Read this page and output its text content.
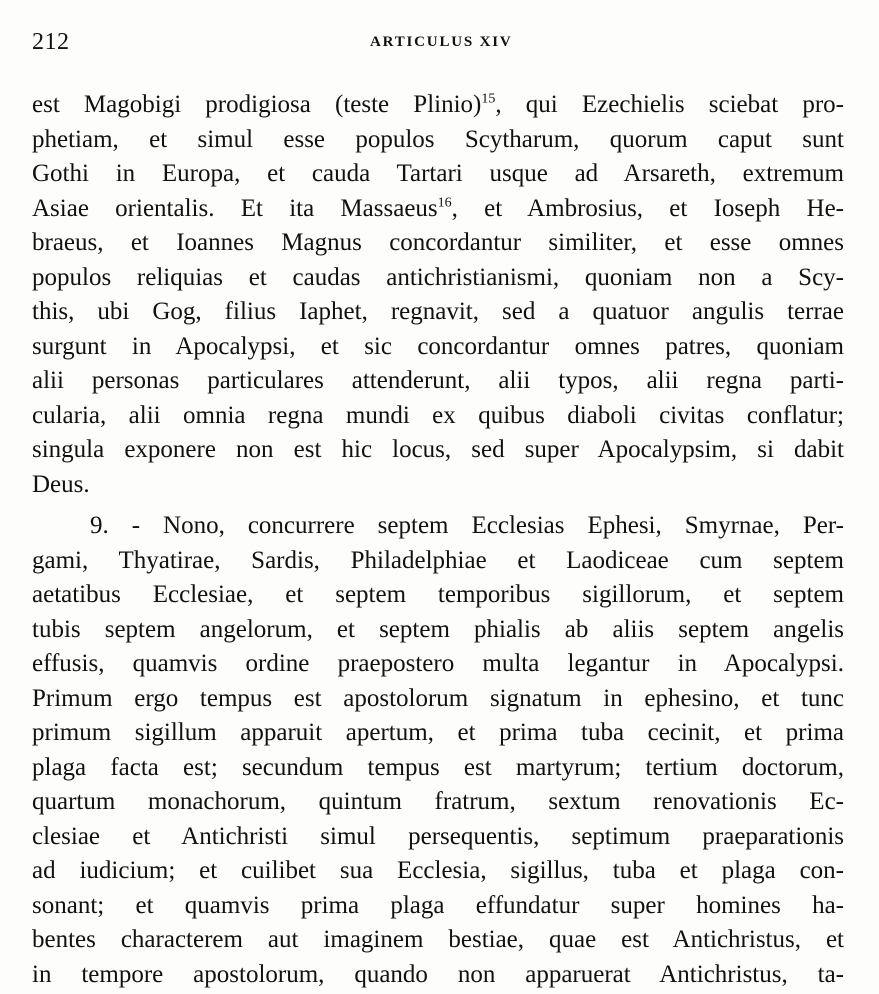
212	ARTICULUS XIV
est Magobigi prodigiosa (teste Plinio)$^{15}$, qui Ezechielis sciebat pro-
phetiam, et simul esse populos Scytharum, quorum caput sunt
Gothi in Europa, et cauda Tartari usque ad Arsareth, extremum
Asiae orientalis. Et ita Massaeus$^{16}$, et Ambrosius, et Ioseph He-
braeus, et Ioannes Magnus concordantur similiter, et esse omnes
populos reliquias et caudas antichristianismi, quoniam non a Scy-
this, ubi Gog, filius Iaphet, regnavit, sed a quatuor angulis terrae
surgunt in Apocalypsi, et sic concordantur omnes patres, quoniam
alii personas particulares attenderunt, alii typos, alii regna parti-
cularia, alii omnia regna mundi ex quibus diaboli civitas conflatur;
singula exponere non est hic locus, sed super Apocalypsim, si dabit
Deus.
9. - Nono, concurrere septem Ecclesias Ephesi, Smyrnae, Per-
gami, Thyatirae, Sardis, Philadelphiae et Laodiceae cum septem
aetatibus Ecclesiae, et septem temporibus sigillorum, et septem
tubis septem angelorum, et septem phialis ab aliis septem angelis
effusis, quamvis ordine praepostero multa legantur in Apocalypsi.
Primum ergo tempus est apostolorum signatum in ephesino, et tunc
primum sigillum apparuit apertum, et prima tuba cecinit, et prima
plaga facta est; secundum tempus est martyrum; tertium doctorum,
quartum monachorum, quintum fratrum, sextum renovationis Ec-
clesiae et Antichristi simul persequentis, septimum praeparationis
ad iudicium; et cuilibet sua Ecclesia, sigillus, tuba et plaga con-
sonant; et quamvis prima plaga effundatur super homines ha-
bentes characterem aut imaginem bestiae, quae est Antichristus, et
in tempore apostolorum, quando non apparuerat Antichristus, ta-
